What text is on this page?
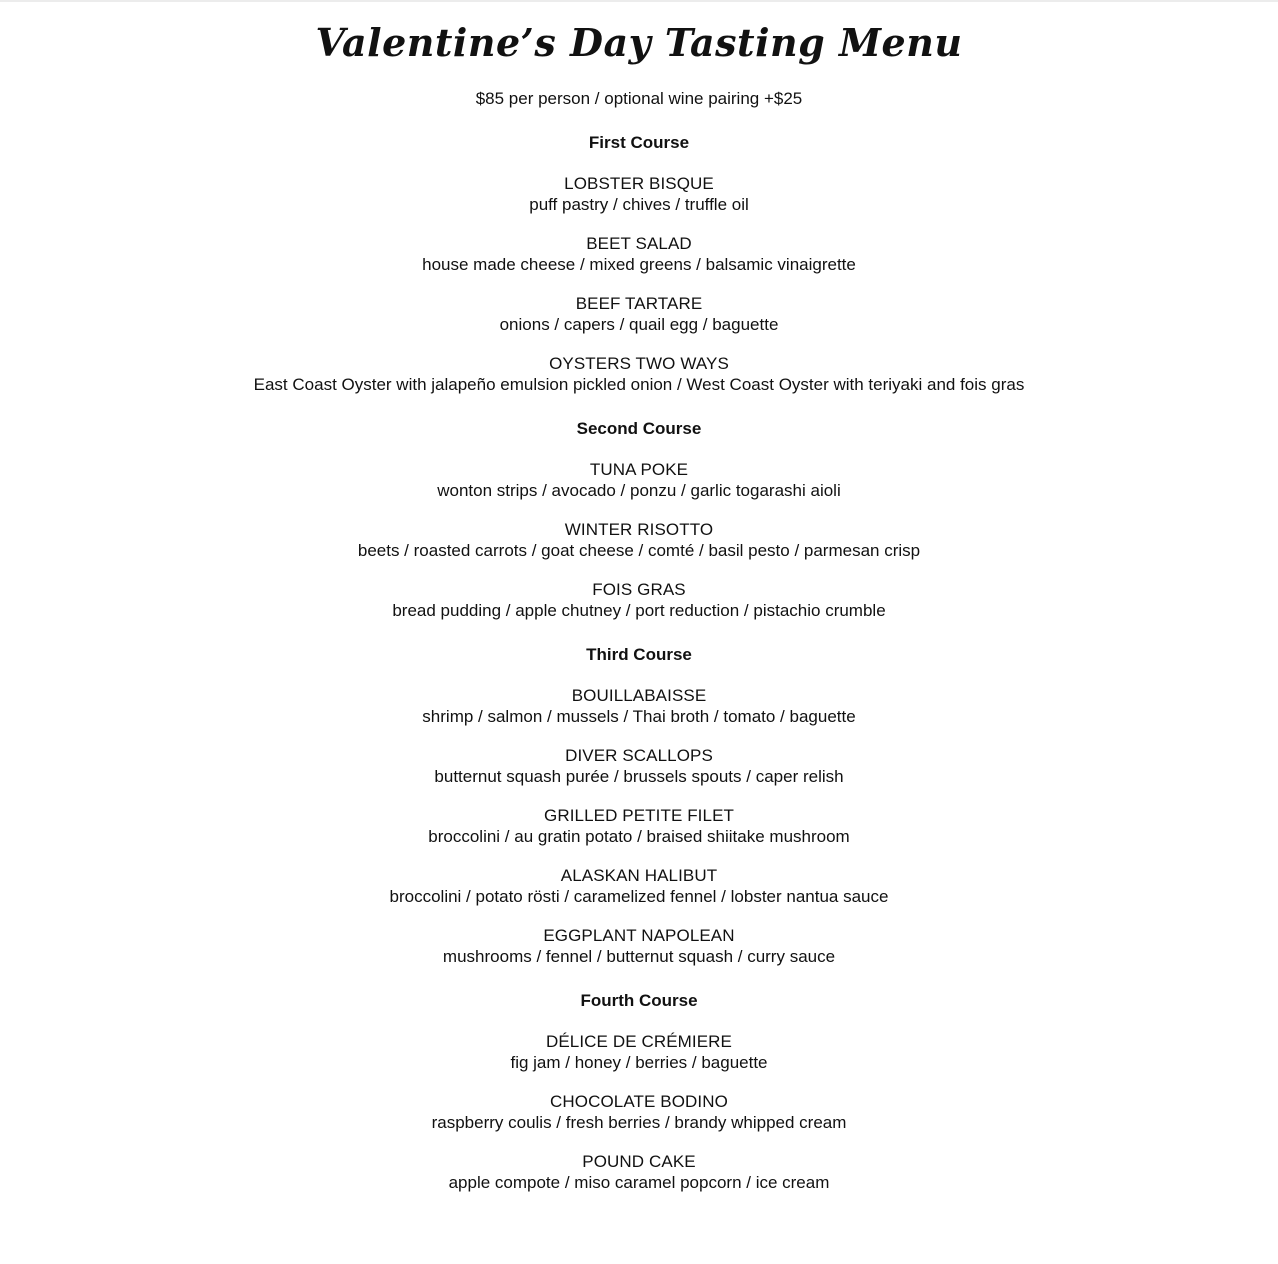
Valentine’s Day Tasting Menu
$85 per person / optional wine pairing +$25
First Course
LOBSTER BISQUE
puff pastry / chives / truffle oil
BEET SALAD
house made cheese / mixed greens / balsamic vinaigrette
BEEF TARTARE
onions / capers / quail egg / baguette
OYSTERS TWO WAYS
East Coast Oyster with jalapeño emulsion pickled onion / West Coast Oyster with teriyaki and fois gras
Second Course
TUNA POKE
wonton strips / avocado / ponzu / garlic togarashi aioli
WINTER RISOTTO
beets / roasted carrots / goat cheese / comté / basil pesto / parmesan crisp
FOIS GRAS
bread pudding / apple chutney / port reduction / pistachio crumble
Third Course
BOUILLABAISSE
shrimp / salmon / mussels / Thai broth / tomato / baguette
DIVER SCALLOPS
butternut squash purée / brussels spouts / caper relish
GRILLED PETITE FILET
broccolini / au gratin potato / braised shiitake mushroom
ALASKAN HALIBUT
broccolini / potato rösti / caramelized fennel / lobster nantua sauce
EGGPLANT NAPOLEAN
mushrooms / fennel / butternut squash / curry sauce
Fourth Course
DÉLICE DE CRÉMIERE
fig jam / honey / berries / baguette
CHOCOLATE BODINO
raspberry coulis / fresh berries / brandy whipped cream
POUND CAKE
apple compote / miso caramel popcorn / ice cream
